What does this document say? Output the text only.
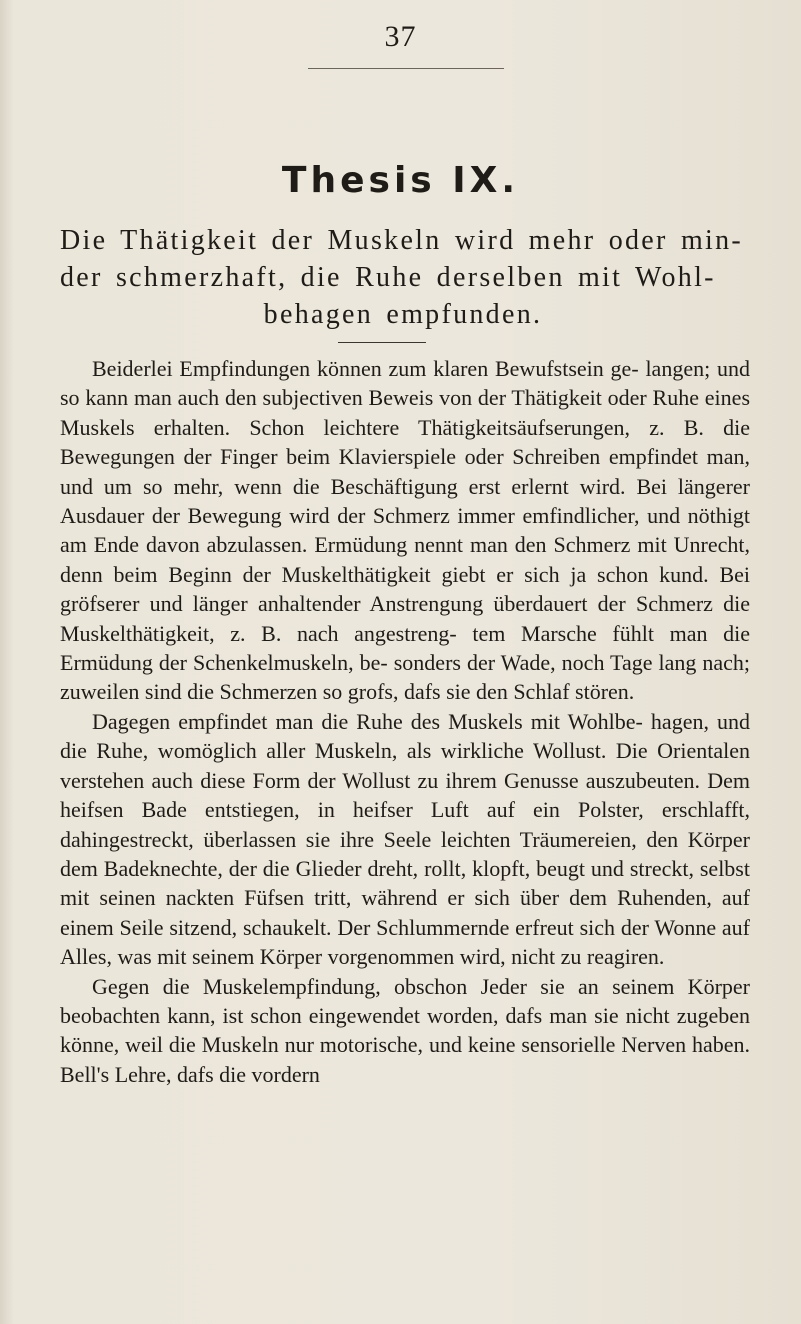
37
Thesis IX.
Die Thätigkeit der Muskeln wird mehr oder min-
der schmerzhaft, die Ruhe derselben mit Wohl-
behagen empfunden.

Beiderlei Empfindungen können zum klaren Bewufstsein ge- langen; und so kann man auch den subjectiven Beweis von der Thätigkeit oder Ruhe eines Muskels erhalten. Schon leichtere Thätigkeitsäufserungen, z. B. die Bewegungen der Finger beim Klavierspiele oder Schreiben empfindet man, und um so mehr, wenn die Beschäftigung erst erlernt wird. Bei längerer Ausdauer der Bewegung wird der Schmerz immer emfindlicher, und nöthigt am Ende davon abzulassen. Ermüdung nennt man den Schmerz mit Unrecht, denn beim Beginn der Muskelthätigkeit giebt er sich ja schon kund. Bei gröfserer und länger anhaltender Anstrengung überdauert der Schmerz die Muskelthätigkeit, z. B. nach angestreng- tem Marsche fühlt man die Ermüdung der Schenkelmuskeln, be- sonders der Wade, noch Tage lang nach; zuweilen sind die Schmerzen so grofs, dafs sie den Schlaf stören.

Dagegen empfindet man die Ruhe des Muskels mit Wohlbe- hagen, und die Ruhe, womöglich aller Muskeln, als wirkliche Wollust. Die Orientalen verstehen auch diese Form der Wollust zu ihrem Genusse auszubeuten. Dem heifsen Bade entstiegen, in heifser Luft auf ein Polster, erschlafft, dahingestreckt, überlassen sie ihre Seele leichten Träumereien, den Körper dem Badeknechte, der die Glieder dreht, rollt, klopft, beugt und streckt, selbst mit seinen nackten Füfsen tritt, während er sich über dem Ruhenden, auf einem Seile sitzend, schaukelt. Der Schlummernde erfreut sich der Wonne auf Alles, was mit seinem Körper vorgenommen wird, nicht zu reagiren.

Gegen die Muskelempfindung, obschon Jeder sie an seinem Körper beobachten kann, ist schon eingewendet worden, dafs man sie nicht zugeben könne, weil die Muskeln nur motorische, und keine sensorielle Nerven haben. Bell's Lehre, dafs die vordern
